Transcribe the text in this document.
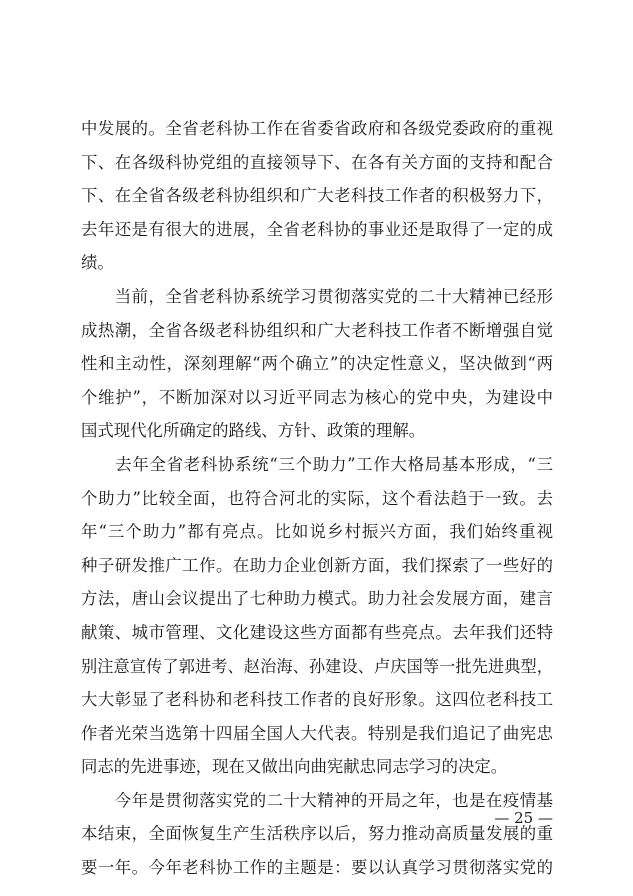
中发展的。全省老科协工作在省委省政府和各级党委政府的重视
下、在各级科协党组的直接领导下、在各有关方面的支持和配合
下、在全省各级老科协组织和广大老科技工作者的积极努力下，
去年还是有很大的进展，全省老科协的事业还是取得了一定的成
绩。
　　当前，全省老科协系统学习贯彻落实党的二十大精神已经形
成热潮，全省各级老科协组织和广大老科技工作者不断增强自觉
性和主动性，深刻理解“两个确立”的决定性意义，坚决做到“两
个维护”，不断加深对以习近平同志为核心的党中央，为建设中
国式现代化所确定的路线、方针、政策的理解。
　　去年全省老科协系统“三个助力”工作大格局基本形成，“三
个助力”比较全面，也符合河北的实际，这个看法趋于一致。去
年“三个助力”都有亮点。比如说乡村振兴方面，我们始终重视
种子研发推广工作。在助力企业创新方面，我们探索了一些好的
方法，唐山会议提出了七种助力模式。助力社会发展方面，建言
献策、城市管理、文化建设这些方面都有些亮点。去年我们还特
别注意宣传了郭进考、赵治海、孙建设、卢庆国等一批先进典型，
大大彰显了老科协和老科技工作者的良好形象。这四位老科技工
作者光荣当选第十四届全国人大代表。特别是我们追记了曲宪忠
同志的先进事迹，现在又做出向曲宪献忠同志学习的决定。
　　今年是贯彻落实党的二十大精神的开局之年，也是在疫情基
本结束，全面恢复生产生活秩序以后，努力推动高质量发展的重
要一年。今年老科协工作的主题是：要以认真学习贯彻落实党的
— 25 —
